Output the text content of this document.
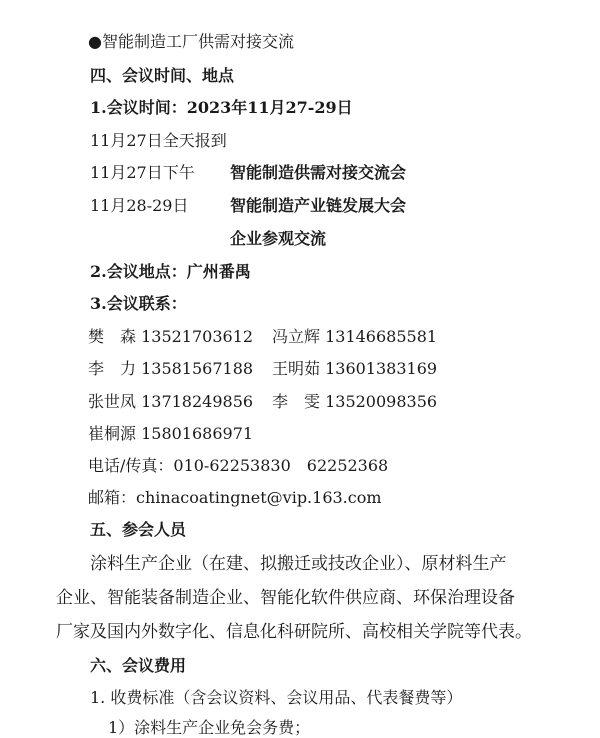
●智能制造工厂供需对接交流
四、会议时间、地点
1.会议时间：2023年11月27-29日
11月27日全天报到
11月27日下午 智能制造供需对接交流会
11月28-29日	智能制造产业链发展大会
企业参观交流
2.会议地点：广州番禺
3.会议联系：
樊　森 13521703612 冯立辉 13146685581
李　力 13581567188 王明茹 13601383169
张世凤 13718249856 李　雯 13520098356
崔桐源 15801686971
电话/传真：010-62253830　62252368
邮箱：chinacoatingnet@vip.163.com
五、参会人员
涂料生产企业（在建、拟搬迁或技改企业）、原材料生产
企业、智能装备制造企业、智能化软件供应商、环保治理设备
厂家及国内外数字化、信息化科研院所、高校相关学院等代表。
六、会议费用
1. 收费标准（含会议资料、会议用品、代表餐费等）
1）涂料生产企业免会务费；
